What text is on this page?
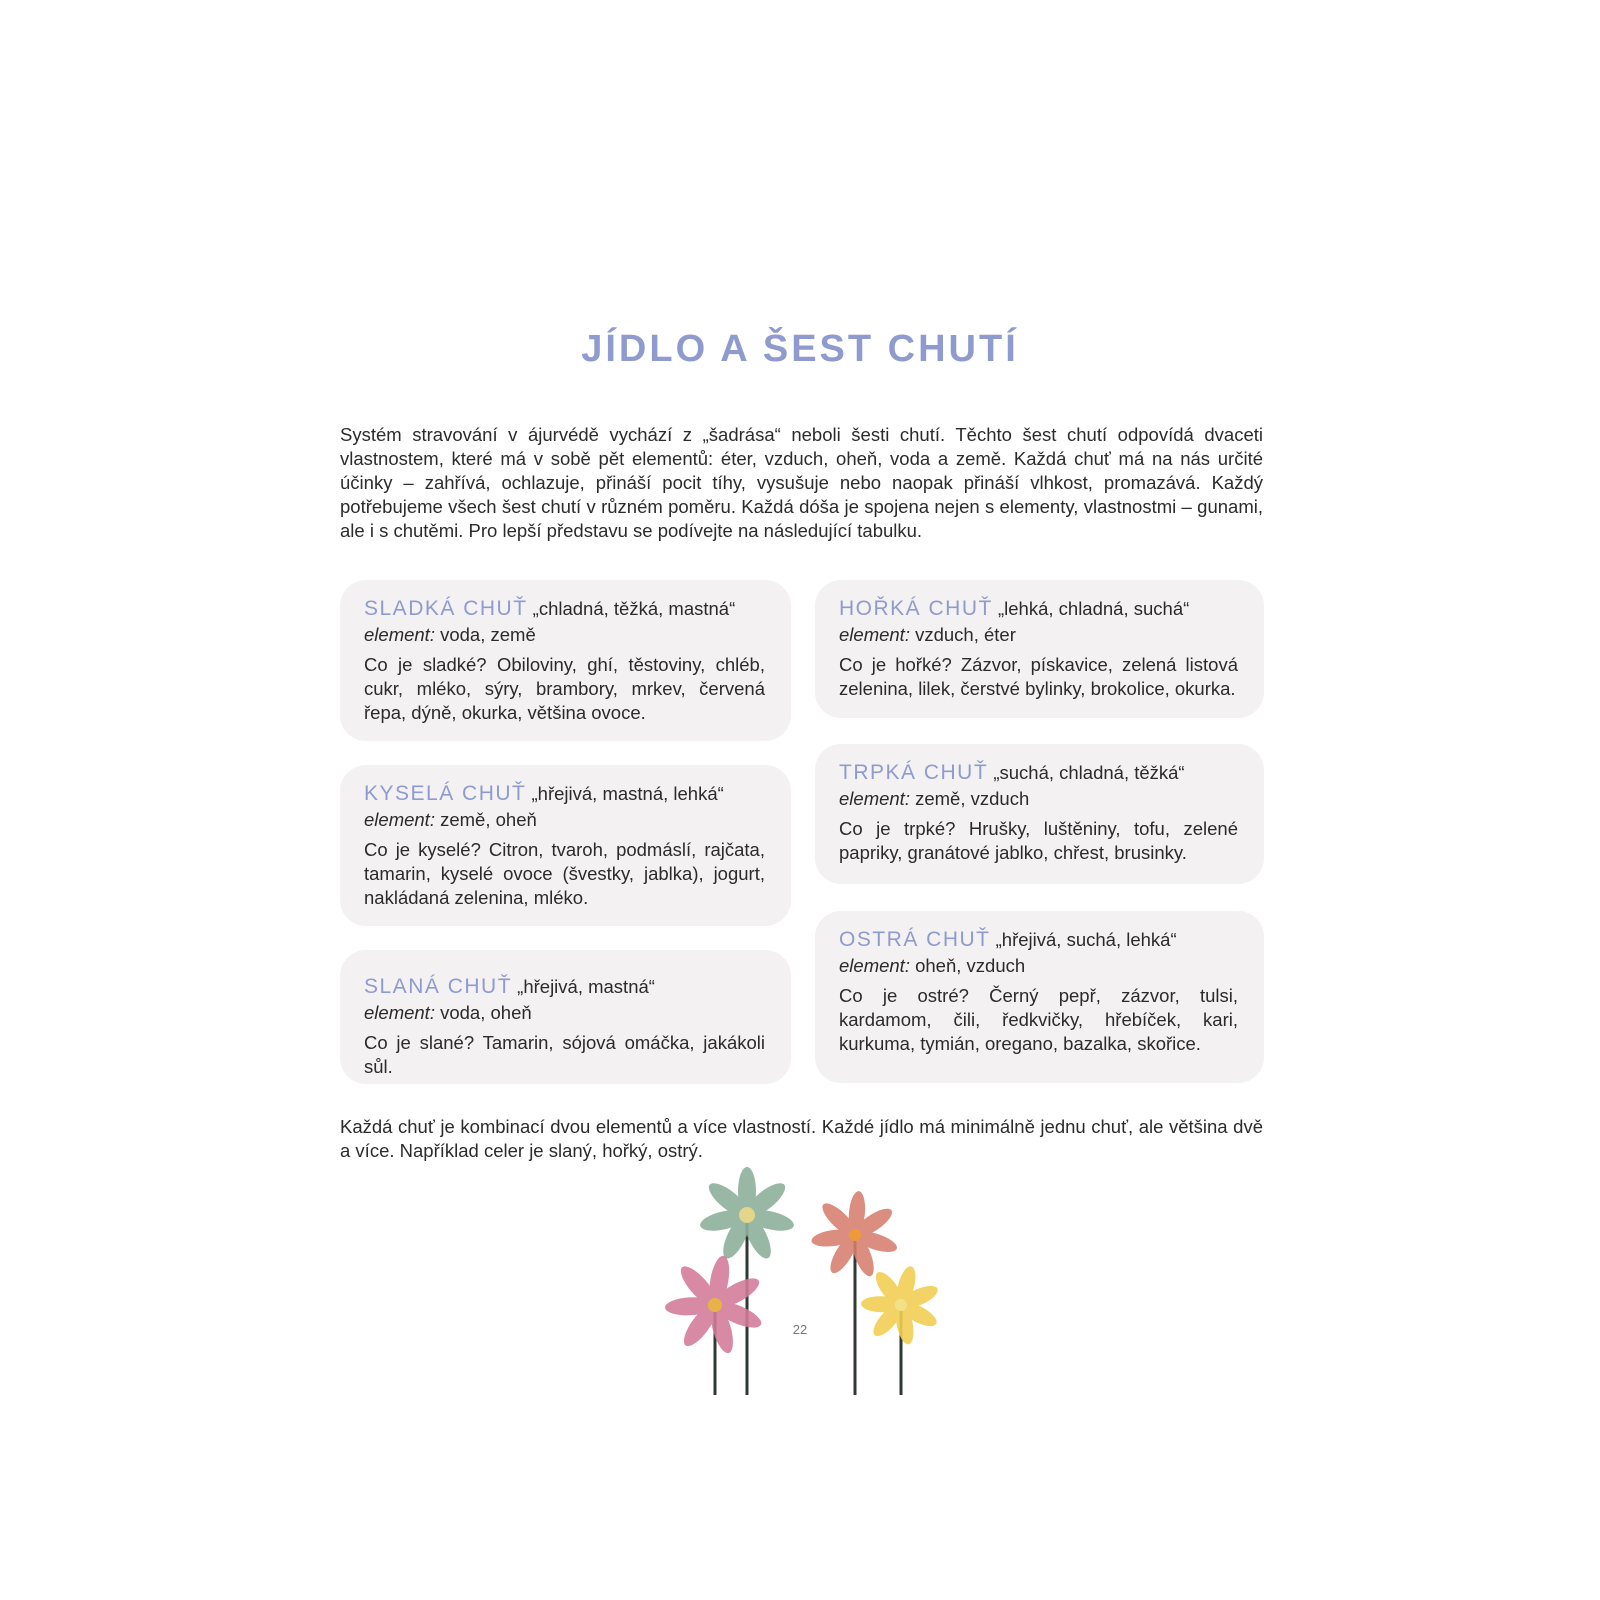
JÍDLO A ŠEST CHUTÍ

Systém stravování v ájurvédě vychází z „šadrása“ neboli šesti chutí. Těchto šest chutí odpovídá dvaceti vlastnostem, které má v sobě pět elementů: éter, vzduch, oheň, voda a země. Každá chuť má na nás určité účinky – zahřívá, ochlazuje, přináší pocit tíhy, vysušuje nebo naopak přináší vlhkost, promazává. Každý potřebujeme všech šest chutí v různém poměru. Každá dóša je spojena nejen s elementy, vlastnostmi – gunami, ale i s chutěmi. Pro lepší představu se podívejte na následující tabulku.

SLADKÁ CHUŤ „chladná, těžká, mastná“
element: voda, země
Co je sladké? Obiloviny, ghí, těstoviny, chléb, cukr, mléko, sýry, brambory, mrkev, červená řepa, dýně, okurka, většina ovoce.
KYSELÁ CHUŤ „hřejivá, mastná, lehká“
element: země, oheň
Co je kyselé? Citron, tvaroh, podmáslí, rajčata, tamarin, kyselé ovoce (švestky, jablka), jogurt, nakládaná zelenina, mléko.
SLANÁ CHUŤ „hřejivá, mastná“
element: voda, oheň
Co je slané? Tamarin, sójová omáčka, jakákoli sůl.
HOŘKÁ CHUŤ „lehká, chladná, suchá“
element: vzduch, éter
Co je hořké? Zázvor, pískavice, zelená listová zelenina, lilek, čerstvé bylinky, brokolice, okurka.
TRPKÁ CHUŤ „suchá, chladná, těžká“
element: země, vzduch
Co je trpké? Hrušky, luštěniny, tofu, zelené papriky, granátové jablko, chřest, brusinky.
OSTRÁ CHUŤ „hřejivá, suchá, lehká“
element: oheň, vzduch
Co je ostré? Černý pepř, zázvor, tulsi, kardamom, čili, ředkvičky, hřebíček, kari, kurkuma, tymián, oregano, bazalka, skořice.

Každá chuť je kombinací dvou elementů a více vlastností. Každé jídlo má minimálně jednu chuť, ale většina dvě a více. Například celer je slaný, hořký, ostrý.

22
